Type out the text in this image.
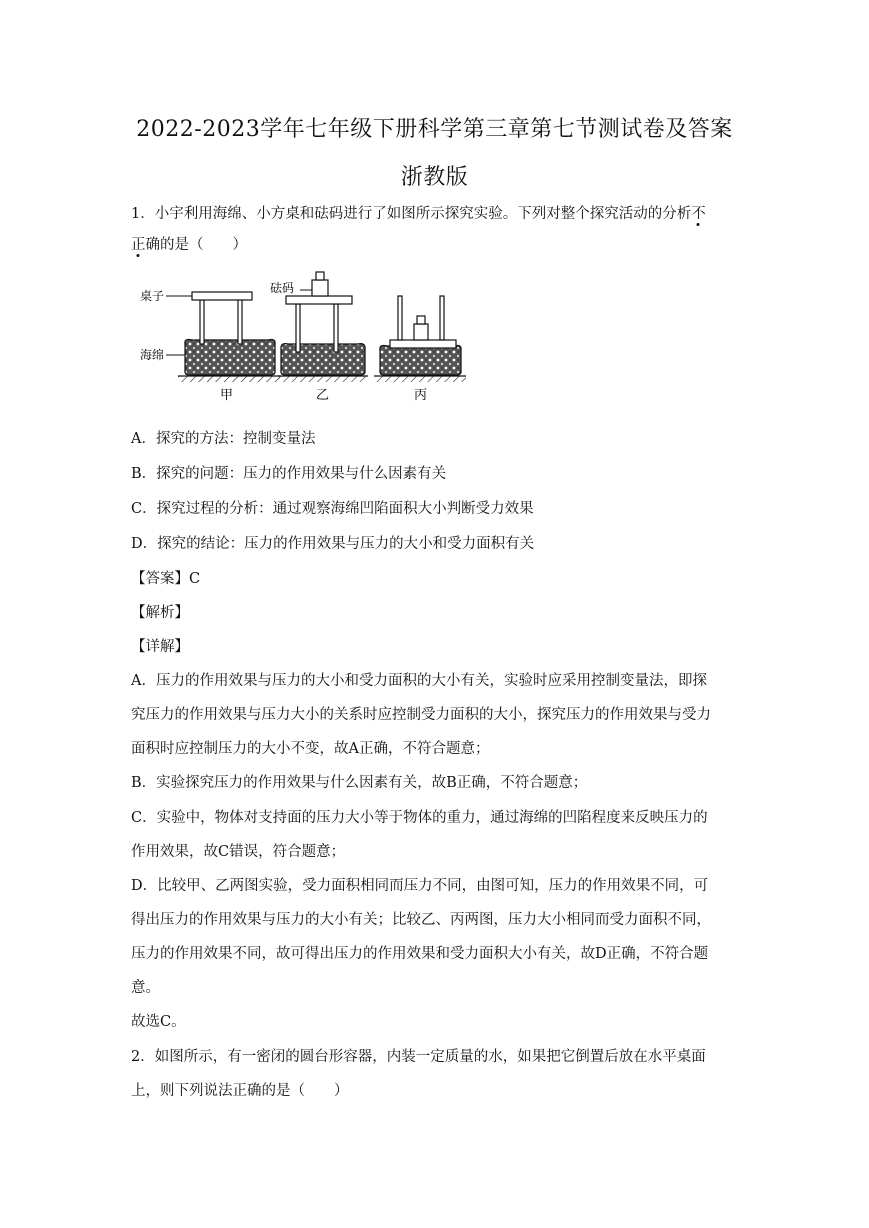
2022-2023学年七年级下册科学第三章第七节测试卷及答案
浙教版
1．小宇利用海绵、小方桌和砝码进行了如图所示探究实验。下列对整个探究活动的分析不
正确的是（　　）
桌子
海绵
甲
砝码
乙	丙
A．探究的方法：控制变量法
B．探究的问题：压力的作用效果与什么因素有关
C．探究过程的分析：通过观察海绵凹陷面积大小判断受力效果
D．探究的结论：压力的作用效果与压力的大小和受力面积有关
【答案】C
【解析】
【详解】
A．压力的作用效果与压力的大小和受力面积的大小有关，实验时应采用控制变量法，即探
究压力的作用效果与压力大小的关系时应控制受力面积的大小，探究压力的作用效果与受力
面积时应控制压力的大小不变，故A正确，不符合题意；
B．实验探究压力的作用效果与什么因素有关，故B正确，不符合题意；
C．实验中，物体对支持面的压力大小等于物体的重力，通过海绵的凹陷程度来反映压力的
作用效果，故C错误，符合题意；
D．比较甲、乙两图实验，受力面积相同而压力不同，由图可知，压力的作用效果不同，可
得出压力的作用效果与压力的大小有关；比较乙、丙两图，压力大小相同而受力面积不同，
压力的作用效果不同，故可得出压力的作用效果和受力面积大小有关，故D正确，不符合题
意。
故选C。
2．如图所示，有一密闭的圆台形容器，内装一定质量的水，如果把它倒置后放在水平桌面
上，则下列说法正确的是（　　）
